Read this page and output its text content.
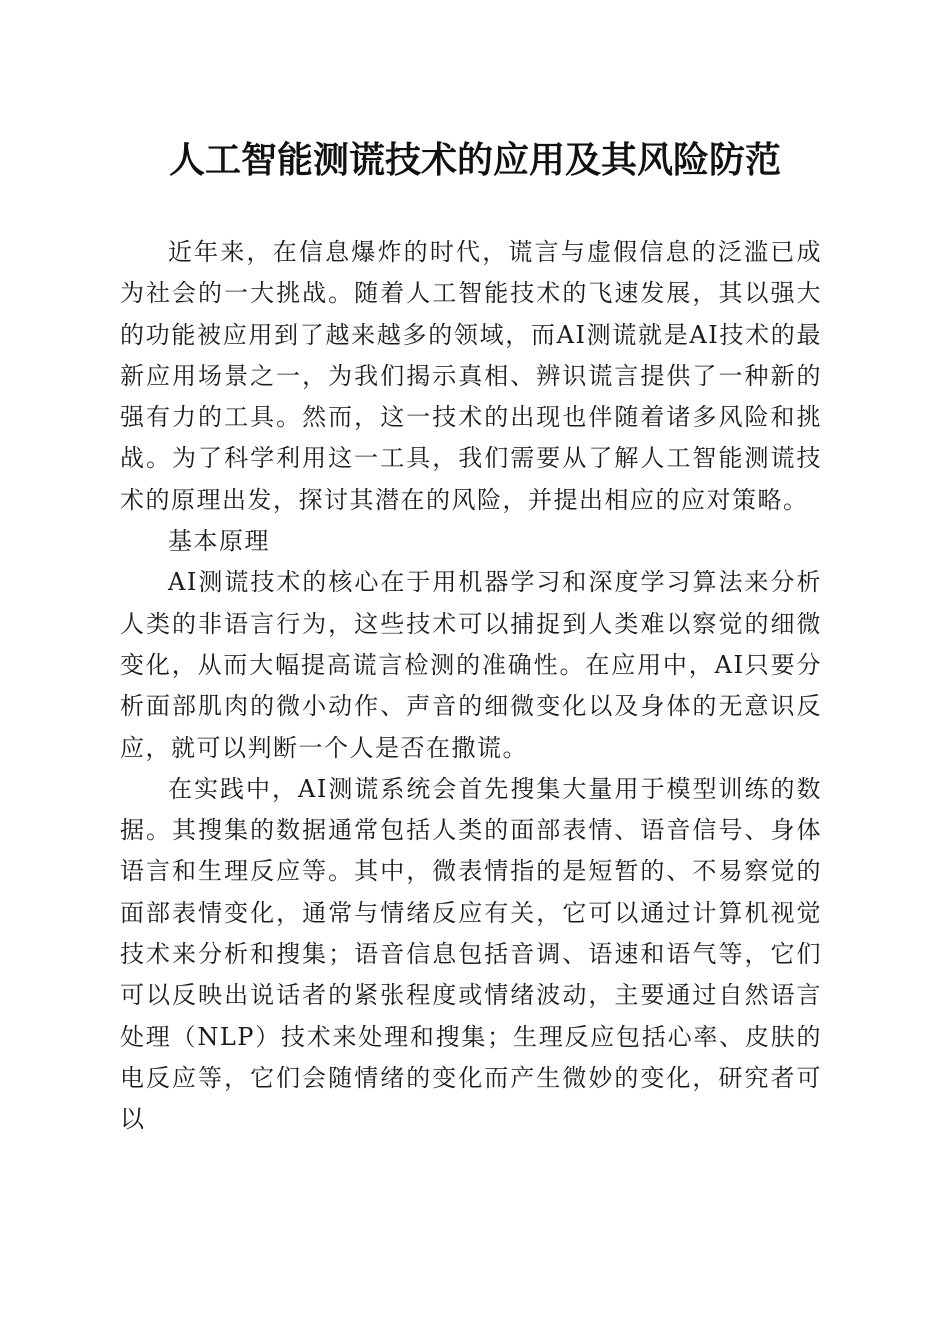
人工智能测谎技术的应用及其风险防范

近年来，在信息爆炸的时代，谎言与虚假信息的泛滥已成为社会的一大挑战。随着人工智能技术的飞速发展，其以强大的功能被应用到了越来越多的领域，而AI测谎就是AI技术的最新应用场景之一，为我们揭示真相、辨识谎言提供了一种新的强有力的工具。然而，这一技术的出现也伴随着诸多风险和挑战。为了科学利用这一工具，我们需要从了解人工智能测谎技术的原理出发，探讨其潜在的风险，并提出相应的应对策略。

基本原理

AI测谎技术的核心在于用机器学习和深度学习算法来分析人类的非语言行为，这些技术可以捕捉到人类难以察觉的细微变化，从而大幅提高谎言检测的准确性。在应用中，AI只要分析面部肌肉的微小动作、声音的细微变化以及身体的无意识反应，就可以判断一个人是否在撒谎。

在实践中，AI测谎系统会首先搜集大量用于模型训练的数据。其搜集的数据通常包括人类的面部表情、语音信号、身体语言和生理反应等。其中，微表情指的是短暂的、不易察觉的面部表情变化，通常与情绪反应有关，它可以通过计算机视觉技术来分析和搜集；语音信息包括音调、语速和语气等，它们可以反映出说话者的紧张程度或情绪波动，主要通过自然语言处理（NLP）技术来处理和搜集；生理反应包括心率、皮肤的电反应等，它们会随情绪的变化而产生微妙的变化，研究者可以
